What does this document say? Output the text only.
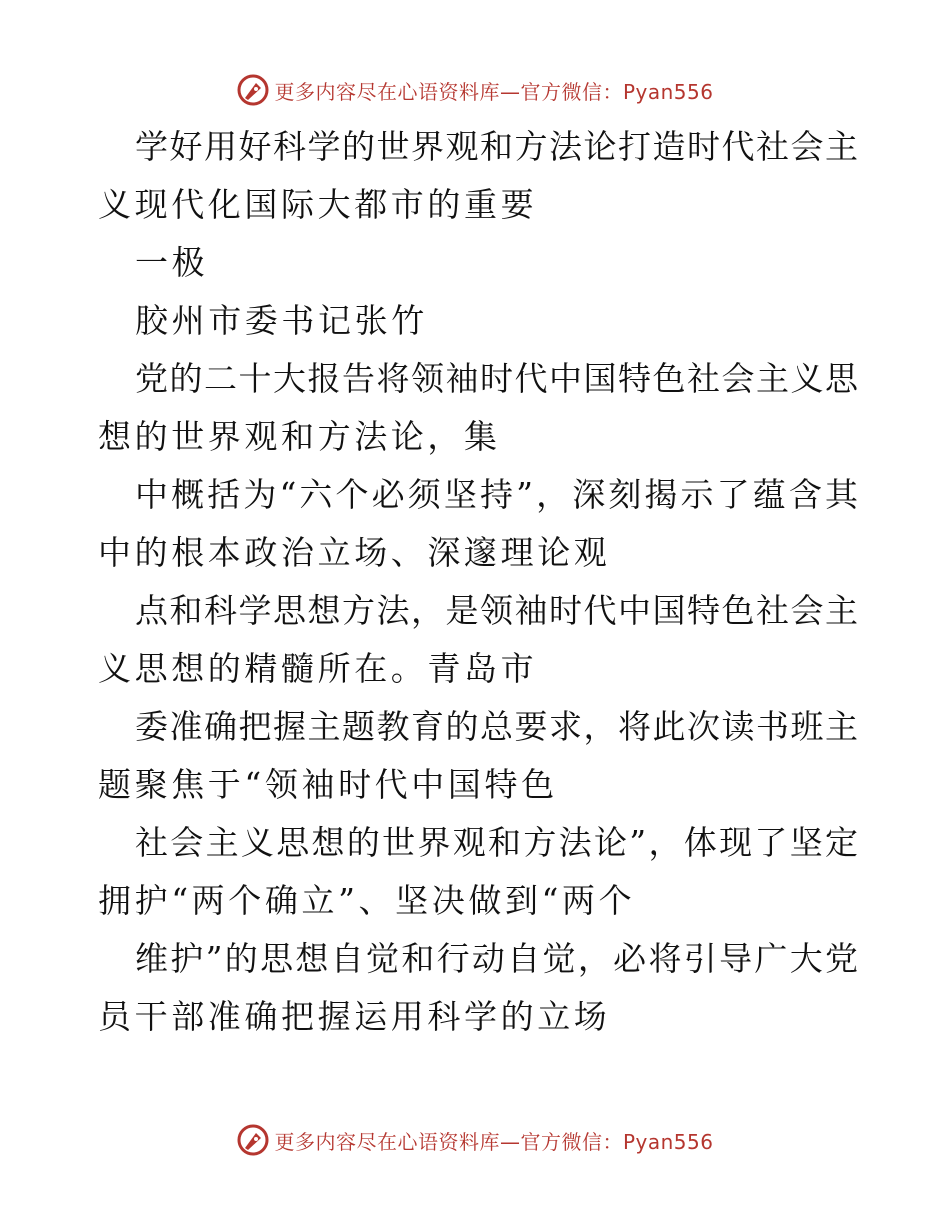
更多内容尽在心语资料库 —官方微信：Pyan556
学好用好科学的世界观和方法论打造时代社会主
义现代化国际大都市的重要
一极
胶州市委书记张竹
党的二十大报告将领袖时代中国特色社会主义思
想的世界观和方法论，集
中概括为“六个必须坚持”，深刻揭示了蕴含其
中的根本政治立场、深邃理论观
点和科学思想方法，是领袖时代中国特色社会主
义思想的精髓所在。青岛市
委准确把握主题教育的总要求，将此次读书班主
题聚焦于“领袖时代中国特色
社会主义思想的世界观和方法论”，体现了坚定
拥护“两个确立”、坚决做到“两个
维护”的思想自觉和行动自觉，必将引导广大党
员干部准确把握运用科学的立场
更多内容尽在心语资料库 —官方微信：Pyan556
